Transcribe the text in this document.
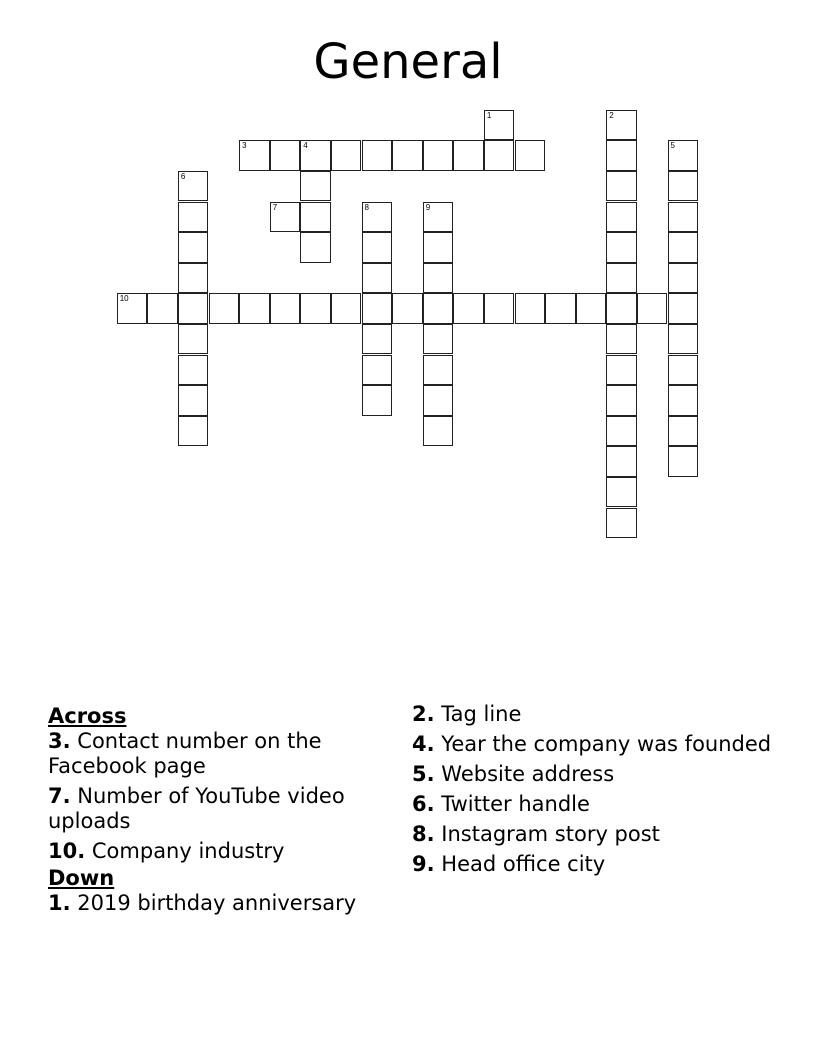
General
1	2
3	4	5
6
7	8	9
10
Across
3. Contact number on the Facebook page
7. Number of YouTube video uploads
10. Company industry
Down
1. 2019 birthday anniversary
2. Tag line
4. Year the company was founded
5. Website address
6. Twitter handle
8. Instagram story post
9. Head office city
